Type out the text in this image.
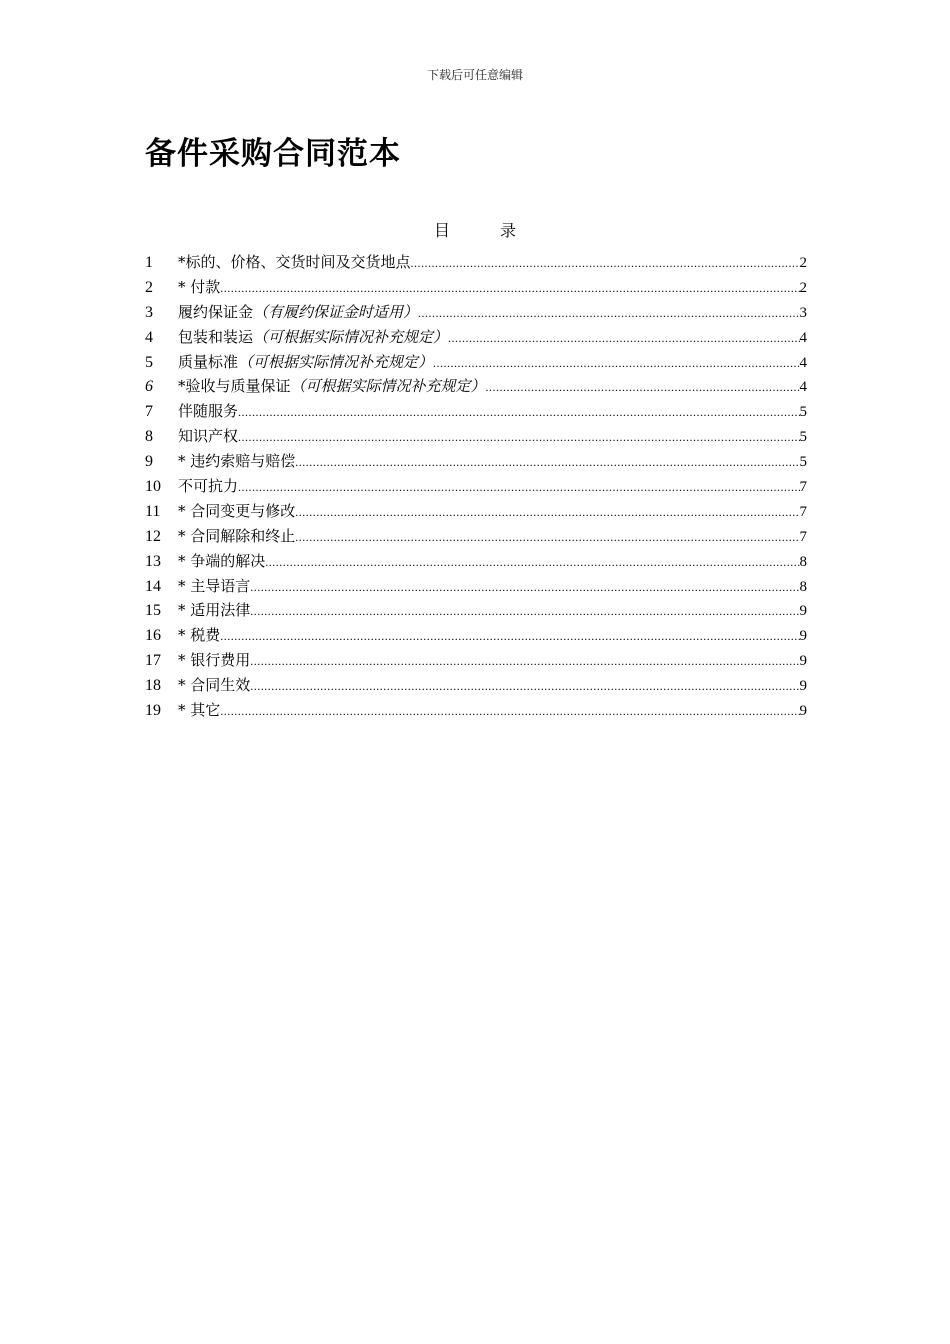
下载后可任意编辑
备件采购合同范本
目	录
1	*标的、价格、交货时间及交货地点 .....	2
2	* 付款 .....	2
3	履约保证金 （有履约保证金时适用） .....	3
4	包装和装运 （可根据实际情况补充规定） .....	4
5	质量标准 （可根据实际情况补充规定） .....	4
6	*验收与质量保证 （可根据实际情况补充规定） .....	4
7	伴随服务 .....	5
8	知识产权 .....	5
9	* 违约索赔与赔偿 .....	5
10	不可抗力 .....	7
11	* 合同变更与修改 .....	7
12	* 合同解除和终止 .....	7
13	* 争端的解决 .....	8
14	* 主导语言 .....	8
15	* 适用法律 .....	9
16	* 税费 .....	9
17	* 银行费用 .....	9
18	* 合同生效 .....	9
19	* 其它 .....	9
